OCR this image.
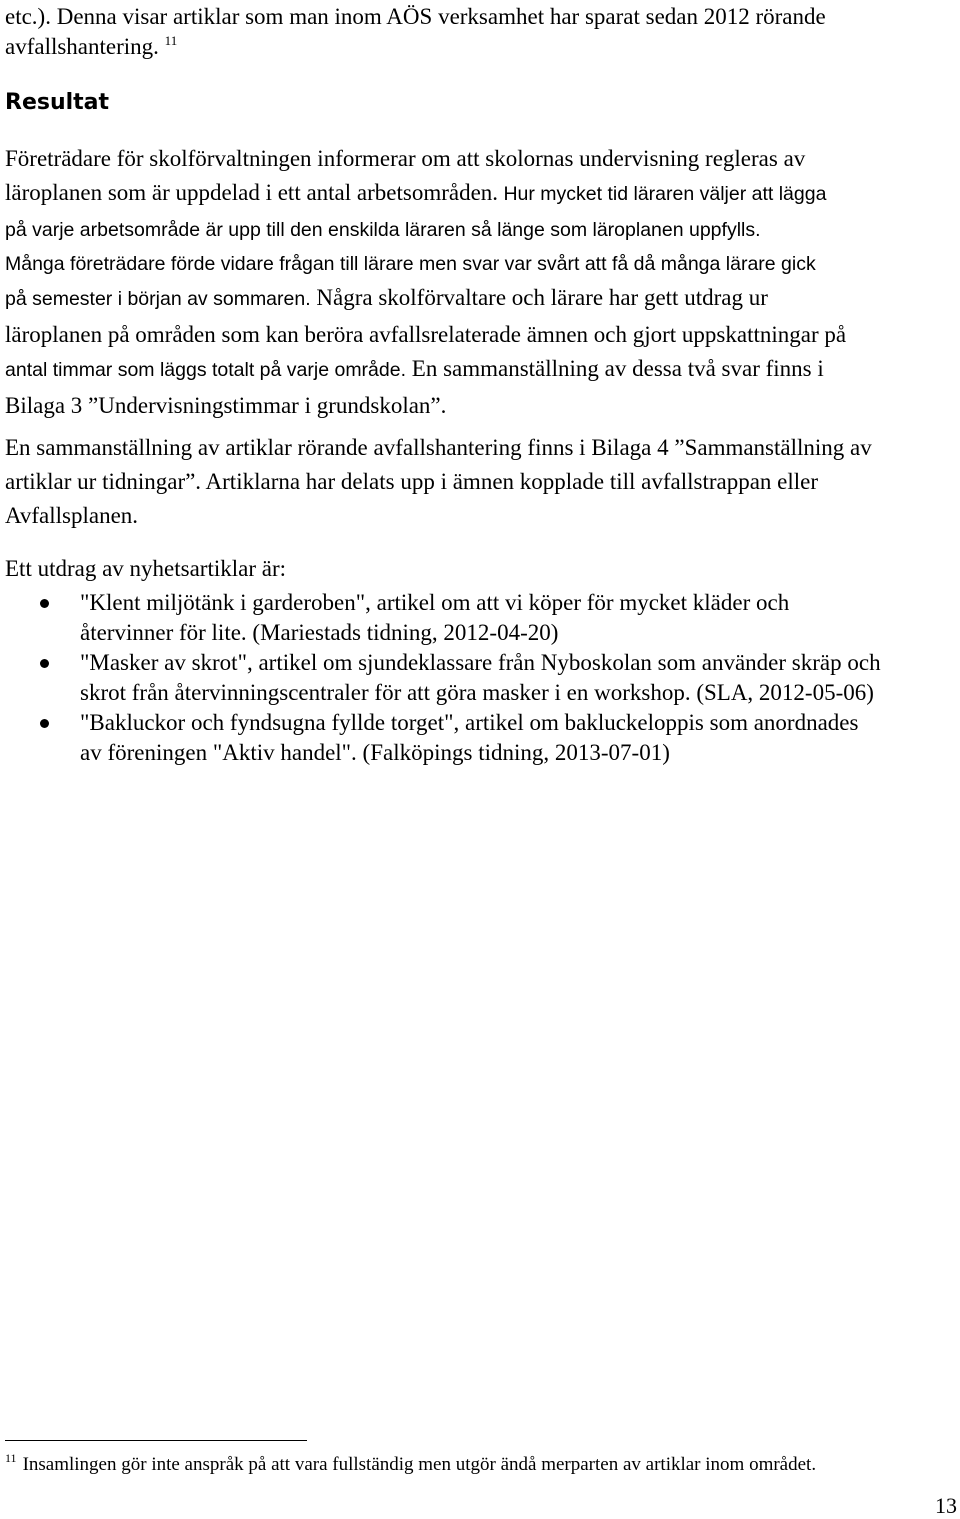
etc.). Denna visar artiklar som man inom AÖS verksamhet har sparat sedan 2012 rörande
avfallshantering. $^{11}$
Resultat
Företrädare för skolförvaltningen informerar om att skolornas undervisning regleras av
läroplanen som är uppdelad i ett antal arbetsområden. Hur mycket tid läraren väljer att lägga
på varje arbetsområde är upp till den enskilda läraren så länge som läroplanen uppfylls.
Många företrädare förde vidare frågan till lärare men svar var svårt att få då många lärare gick
på semester i början av sommaren. Några skolförvaltare och lärare har gett utdrag ur
läroplanen på områden som kan beröra avfallsrelaterade ämnen och gjort uppskattningar på
antal timmar som läggs totalt på varje område. En sammanställning av dessa två svar finns i
Bilaga 3 ”Undervisningstimmar i grundskolan”.
En sammanställning av artiklar rörande avfallshantering finns i Bilaga 4 ”Sammanställning av
artiklar ur tidningar”. Artiklarna har delats upp i ämnen kopplade till avfallstrappan eller
Avfallsplanen.
Ett utdrag av nyhetsartiklar är:
"Klent miljötänk i garderoben", artikel om att vi köper för mycket kläder och
återvinner för lite. (Mariestads tidning, 2012-04-20)
"Masker av skrot", artikel om sjundeklassare från Nyboskolan som använder skräp och
skrot från återvinningscentraler för att göra masker i en workshop. (SLA, 2012-05-06)
"Bakluckor och fyndsugna fyllde torget", artikel om bakluckeloppis som anordnades
av föreningen "Aktiv handel". (Falköpings tidning, 2013-07-01)

$^{11}$ Insamlingen gör inte anspråk på att vara fullständig men utgör ändå merparten av artiklar inom området.

13
